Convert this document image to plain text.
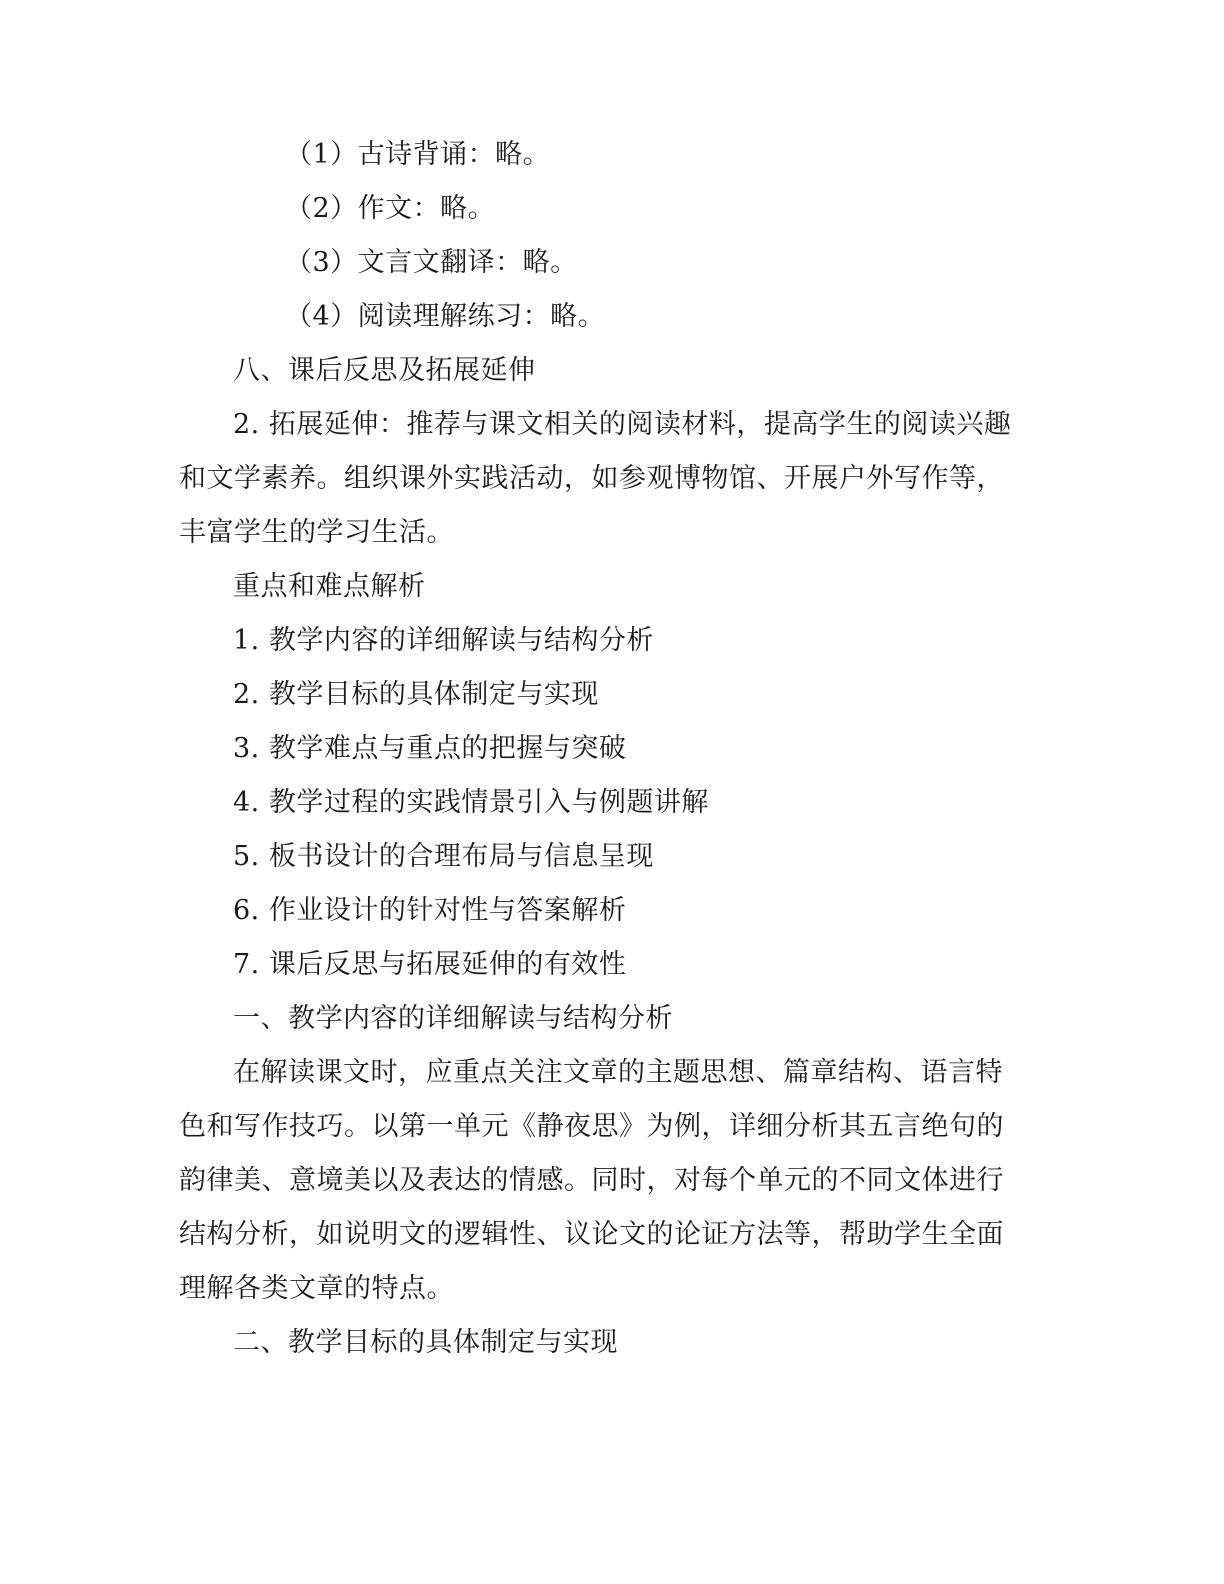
（1）古诗背诵：略。
（2）作文：略。
（3）文言文翻译：略。
（4）阅读理解练习：略。
八、课后反思及拓展延伸
2. 拓展延伸：推荐与课文相关的阅读材料，提高学生的阅读兴趣
和文学素养。组织课外实践活动，如参观博物馆、开展户外写作等，
丰富学生的学习生活。
重点和难点解析
1. 教学内容的详细解读与结构分析
2. 教学目标的具体制定与实现
3. 教学难点与重点的把握与突破
4. 教学过程的实践情景引入与例题讲解
5. 板书设计的合理布局与信息呈现
6. 作业设计的针对性与答案解析
7. 课后反思与拓展延伸的有效性
一、教学内容的详细解读与结构分析
在解读课文时，应重点关注文章的主题思想、篇章结构、语言特
色和写作技巧。以第一单元《静夜思》为例，详细分析其五言绝句的
韵律美、意境美以及表达的情感。同时，对每个单元的不同文体进行
结构分析，如说明文的逻辑性、议论文的论证方法等，帮助学生全面
理解各类文章的特点。
二、教学目标的具体制定与实现
